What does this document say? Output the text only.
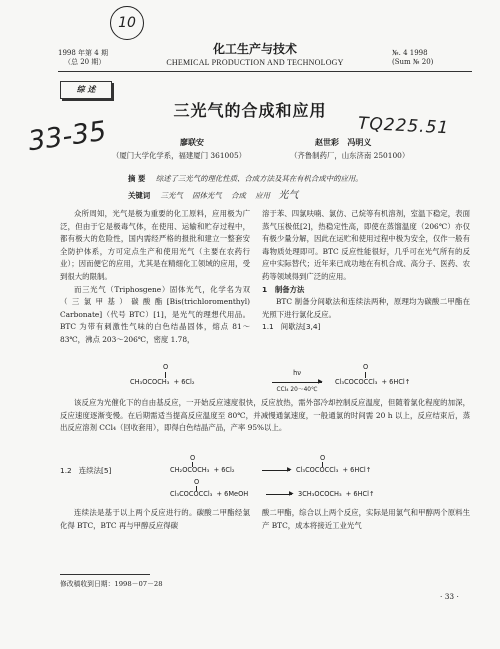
10
33-35	TQ225.51
1998 年第 4 期
（总 20 期）
化工生产与技术
CHEMICAL PRODUCTION AND TECHNOLOGY
№. 4 1998
(Sum № 20)
综 述
三光气的合成和应用
廖联安	赵世彩   冯明义
（厦门大学化学系，福建厦门 361005）	（齐鲁制药厂，山东济南 250100）
摘 要 综述了三光气的理化性质、合成方法及其在有机合成中的应用。
关键词 三光气    固体光气    合成    应用 光气

众所周知，光气是极为重要的化工原料，应用极为广泛，但由于它是极毒气体，在使用、运输和贮存过程中，都有极大的危险性，国内需经严格的报批和建立一整套安全防护体系，方可定点生产和使用光气（主要在农药行业）；因而便它的应用，尤其是在精细化工领域的应用，受到很大的限制。

而三光气（Triphosgene）固体光气，化学名为双（三氯甲基）碳酸酯[Bis(trichloromenthyl) Carbonate]（代号 BTC）[1]，是光气的理想代用品。BTC 为带有刺激性气味的白色结晶固体，熔点 81～83℃，沸点 203～206℃，密度 1.78，

溶于苯、四氯呋喃、氯仿、己烷等有机溶剂，室温下稳定，表面蒸气压极低[2]，热稳定性高，即使在蒸馏温度（206℃）亦仅有极少量分解，因此在运贮和使用过程中极为安全，仅作一般有毒物质处理即可。BTC 反应性能很好，几乎可在光气所有的反应中实际替代；近年来已成功地在有机合成、高分子、医药、农药等领域得到广泛的应用。

1   制备方法

BTC 制备分间歇法和连续法两种，原理均为碳酸二甲酯在光照下进行氯化反应。

1.1   间歇法[3,4]

O
CH₃OCOCH₃  + 6Cl₂
hν
▶
CCl₄ 20～40℃
O
Cl₃COCOCCl₃  + 6HCl↑

该反应为光催化下的自由基反应，一开始反应速度很快，反应放热，需外部冷却控制反应温度，但随着氯化程度的加深，反应速度逐渐变慢。在后期需适当提高反应温度至 80℃，并减慢通氯速度，一般通氯的时间需 20 h 以上，反应结束后，蒸出反应溶剂 CCl₄（回收套用），即得白色结晶产品，产率 95%以上。

1.2   连续法[5]
O
CH₂OCOCH₃  + 6Cl₂	▶
O
Cl₃COCOCCl₃  + 6HCl↑
O
Cl₃COCOCCl₃  + 6MeOH	▶ 3CH₃OCOCH₃  + 6HCl↑

连续法是基于以上两个反应进行的。碳酸二甲酯经氯化得 BTC，BTC 再与甲醇反应得碳

酸二甲酯，综合以上两个反应，实际是用氯气和甲醇两个原料生产 BTC，成本将接近工业光气

修改稿收到日期：1998－07－28
· 33 ·
